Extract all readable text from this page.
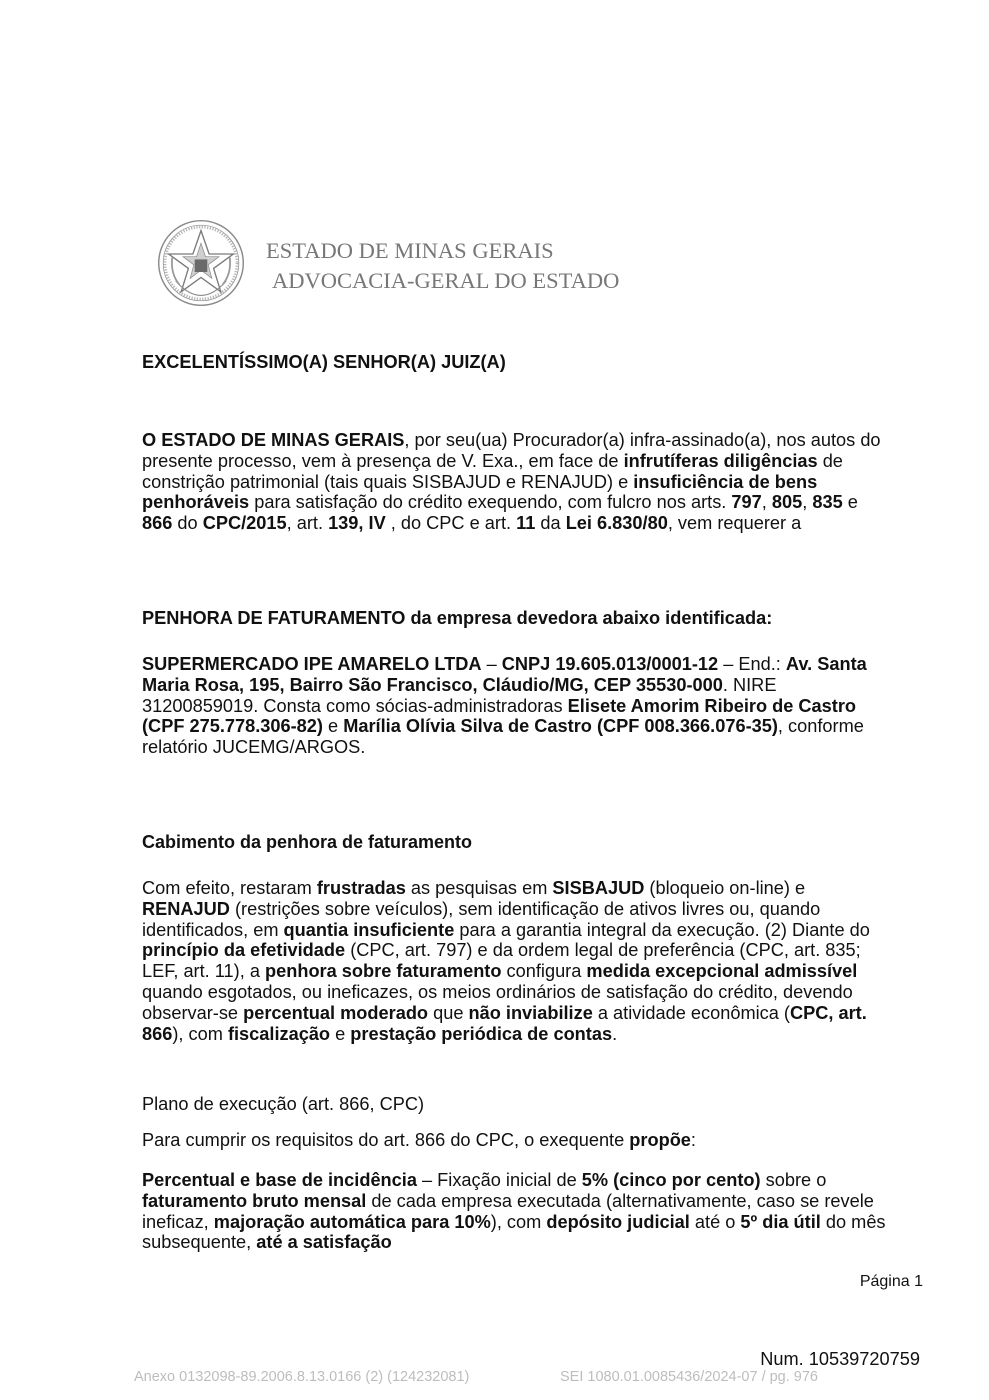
ESTADO DE MINAS GERAIS
ADVOCACIA-GERAL DO ESTADO
EXCELENTÍSSIMO(A) SENHOR(A) JUIZ(A)
O ESTADO DE MINAS GERAIS, por seu(ua) Procurador(a) infra-assinado(a), nos autos do presente processo, vem à presença de V. Exa., em face de infrutíferas diligências de constrição patrimonial (tais quais SISBAJUD e RENAJUD) e insuficiência de bens penhoráveis para satisfação do crédito exequendo, com fulcro nos arts. 797, 805, 835 e 866 do CPC/2015, art. 139, IV , do CPC e art. 11 da Lei 6.830/80, vem requerer a
PENHORA DE FATURAMENTO da empresa devedora abaixo identificada:
SUPERMERCADO IPE AMARELO LTDA – CNPJ 19.605.013/0001-12 – End.: Av. Santa Maria Rosa, 195, Bairro São Francisco, Cláudio/MG, CEP 35530-000. NIRE 31200859019. Consta como sócias-administradoras Elisete Amorim Ribeiro de Castro (CPF 275.778.306-82) e Marília Olívia Silva de Castro (CPF 008.366.076-35), conforme relatório JUCEMG/ARGOS.
Cabimento da penhora de faturamento
Com efeito, restaram frustradas as pesquisas em SISBAJUD (bloqueio on-line) e RENAJUD (restrições sobre veículos), sem identificação de ativos livres ou, quando identificados, em quantia insuficiente para a garantia integral da execução. (2) Diante do princípio da efetividade (CPC, art. 797) e da ordem legal de preferência (CPC, art. 835; LEF, art. 11), a penhora sobre faturamento configura medida excepcional admissível quando esgotados, ou ineficazes, os meios ordinários de satisfação do crédito, devendo observar-se percentual moderado que não inviabilize a atividade econômica (CPC, art. 866), com fiscalização e prestação periódica de contas.
Plano de execução (art. 866, CPC)
Para cumprir os requisitos do art. 866 do CPC, o exequente propõe:
Percentual e base de incidência – Fixação inicial de 5% (cinco por cento) sobre o faturamento bruto mensal de cada empresa executada (alternativamente, caso se revele ineficaz, majoração automática para 10%), com depósito judicial até o 5º dia útil do mês subsequente, até a satisfação
Página 1
Num. 10539720759
Anexo 0132098-89.2006.8.13.0166 (2) (124232081)	SEI 1080.01.0085436/2024-07 / pg. 976
